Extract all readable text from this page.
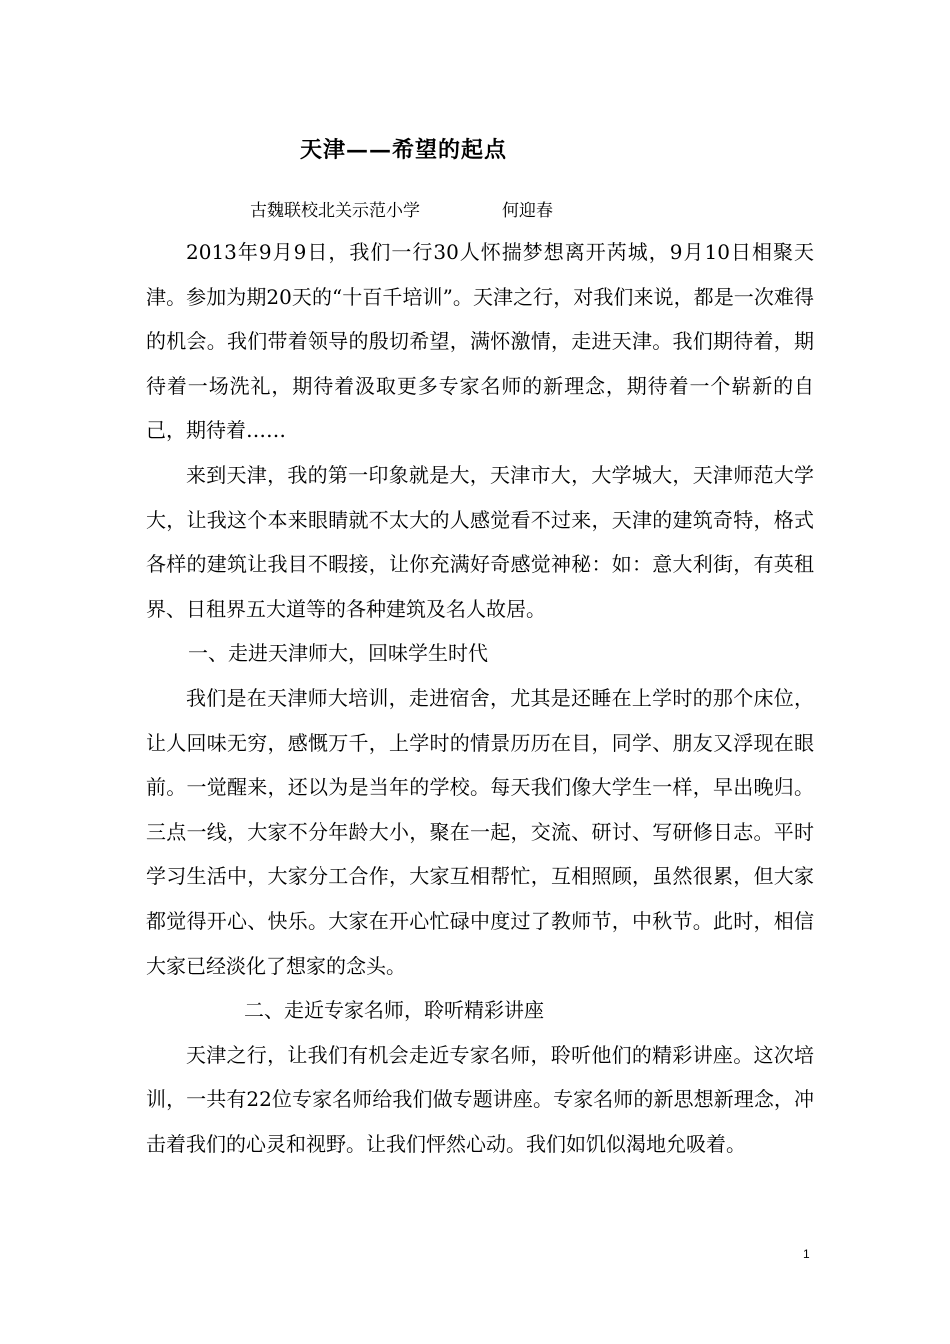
天津——希望的起点
古魏联校北关示范小学	何迎春

2013年9月9日，我们一行30人怀揣梦想离开芮城，9月10日相聚天津。参加为期20天的“十百千培训”。天津之行，对我们来说，都是一次难得的机会。我们带着领导的殷切希望，满怀激情，走进天津。我们期待着，期待着一场洗礼，期待着汲取更多专家名师的新理念，期待着一个崭新的自己，期待着……

来到天津，我的第一印象就是大，天津市大，大学城大，天津师范大学大，让我这个本来眼睛就不太大的人感觉看不过来，天津的建筑奇特，格式各样的建筑让我目不暇接，让你充满好奇感觉神秘：如：意大利街，有英租界、日租界五大道等的各种建筑及名人故居。

一、走进天津师大，回味学生时代

我们是在天津师大培训，走进宿舍，尤其是还睡在上学时的那个床位，让人回味无穷，感慨万千，上学时的情景历历在目，同学、朋友又浮现在眼前。一觉醒来，还以为是当年的学校。每天我们像大学生一样，早出晚归。三点一线，大家不分年龄大小，聚在一起，交流、研讨、写研修日志。平时学习生活中，大家分工合作，大家互相帮忙，互相照顾，虽然很累，但大家都觉得开心、快乐。大家在开心忙碌中度过了教师节，中秋节。此时，相信大家已经淡化了想家的念头。

二、走近专家名师，聆听精彩讲座

天津之行，让我们有机会走近专家名师，聆听他们的精彩讲座。这次培训，一共有22位专家名师给我们做专题讲座。专家名师的新思想新理念，冲击着我们的心灵和视野。让我们怦然心动。我们如饥似渴地允吸着。

1
